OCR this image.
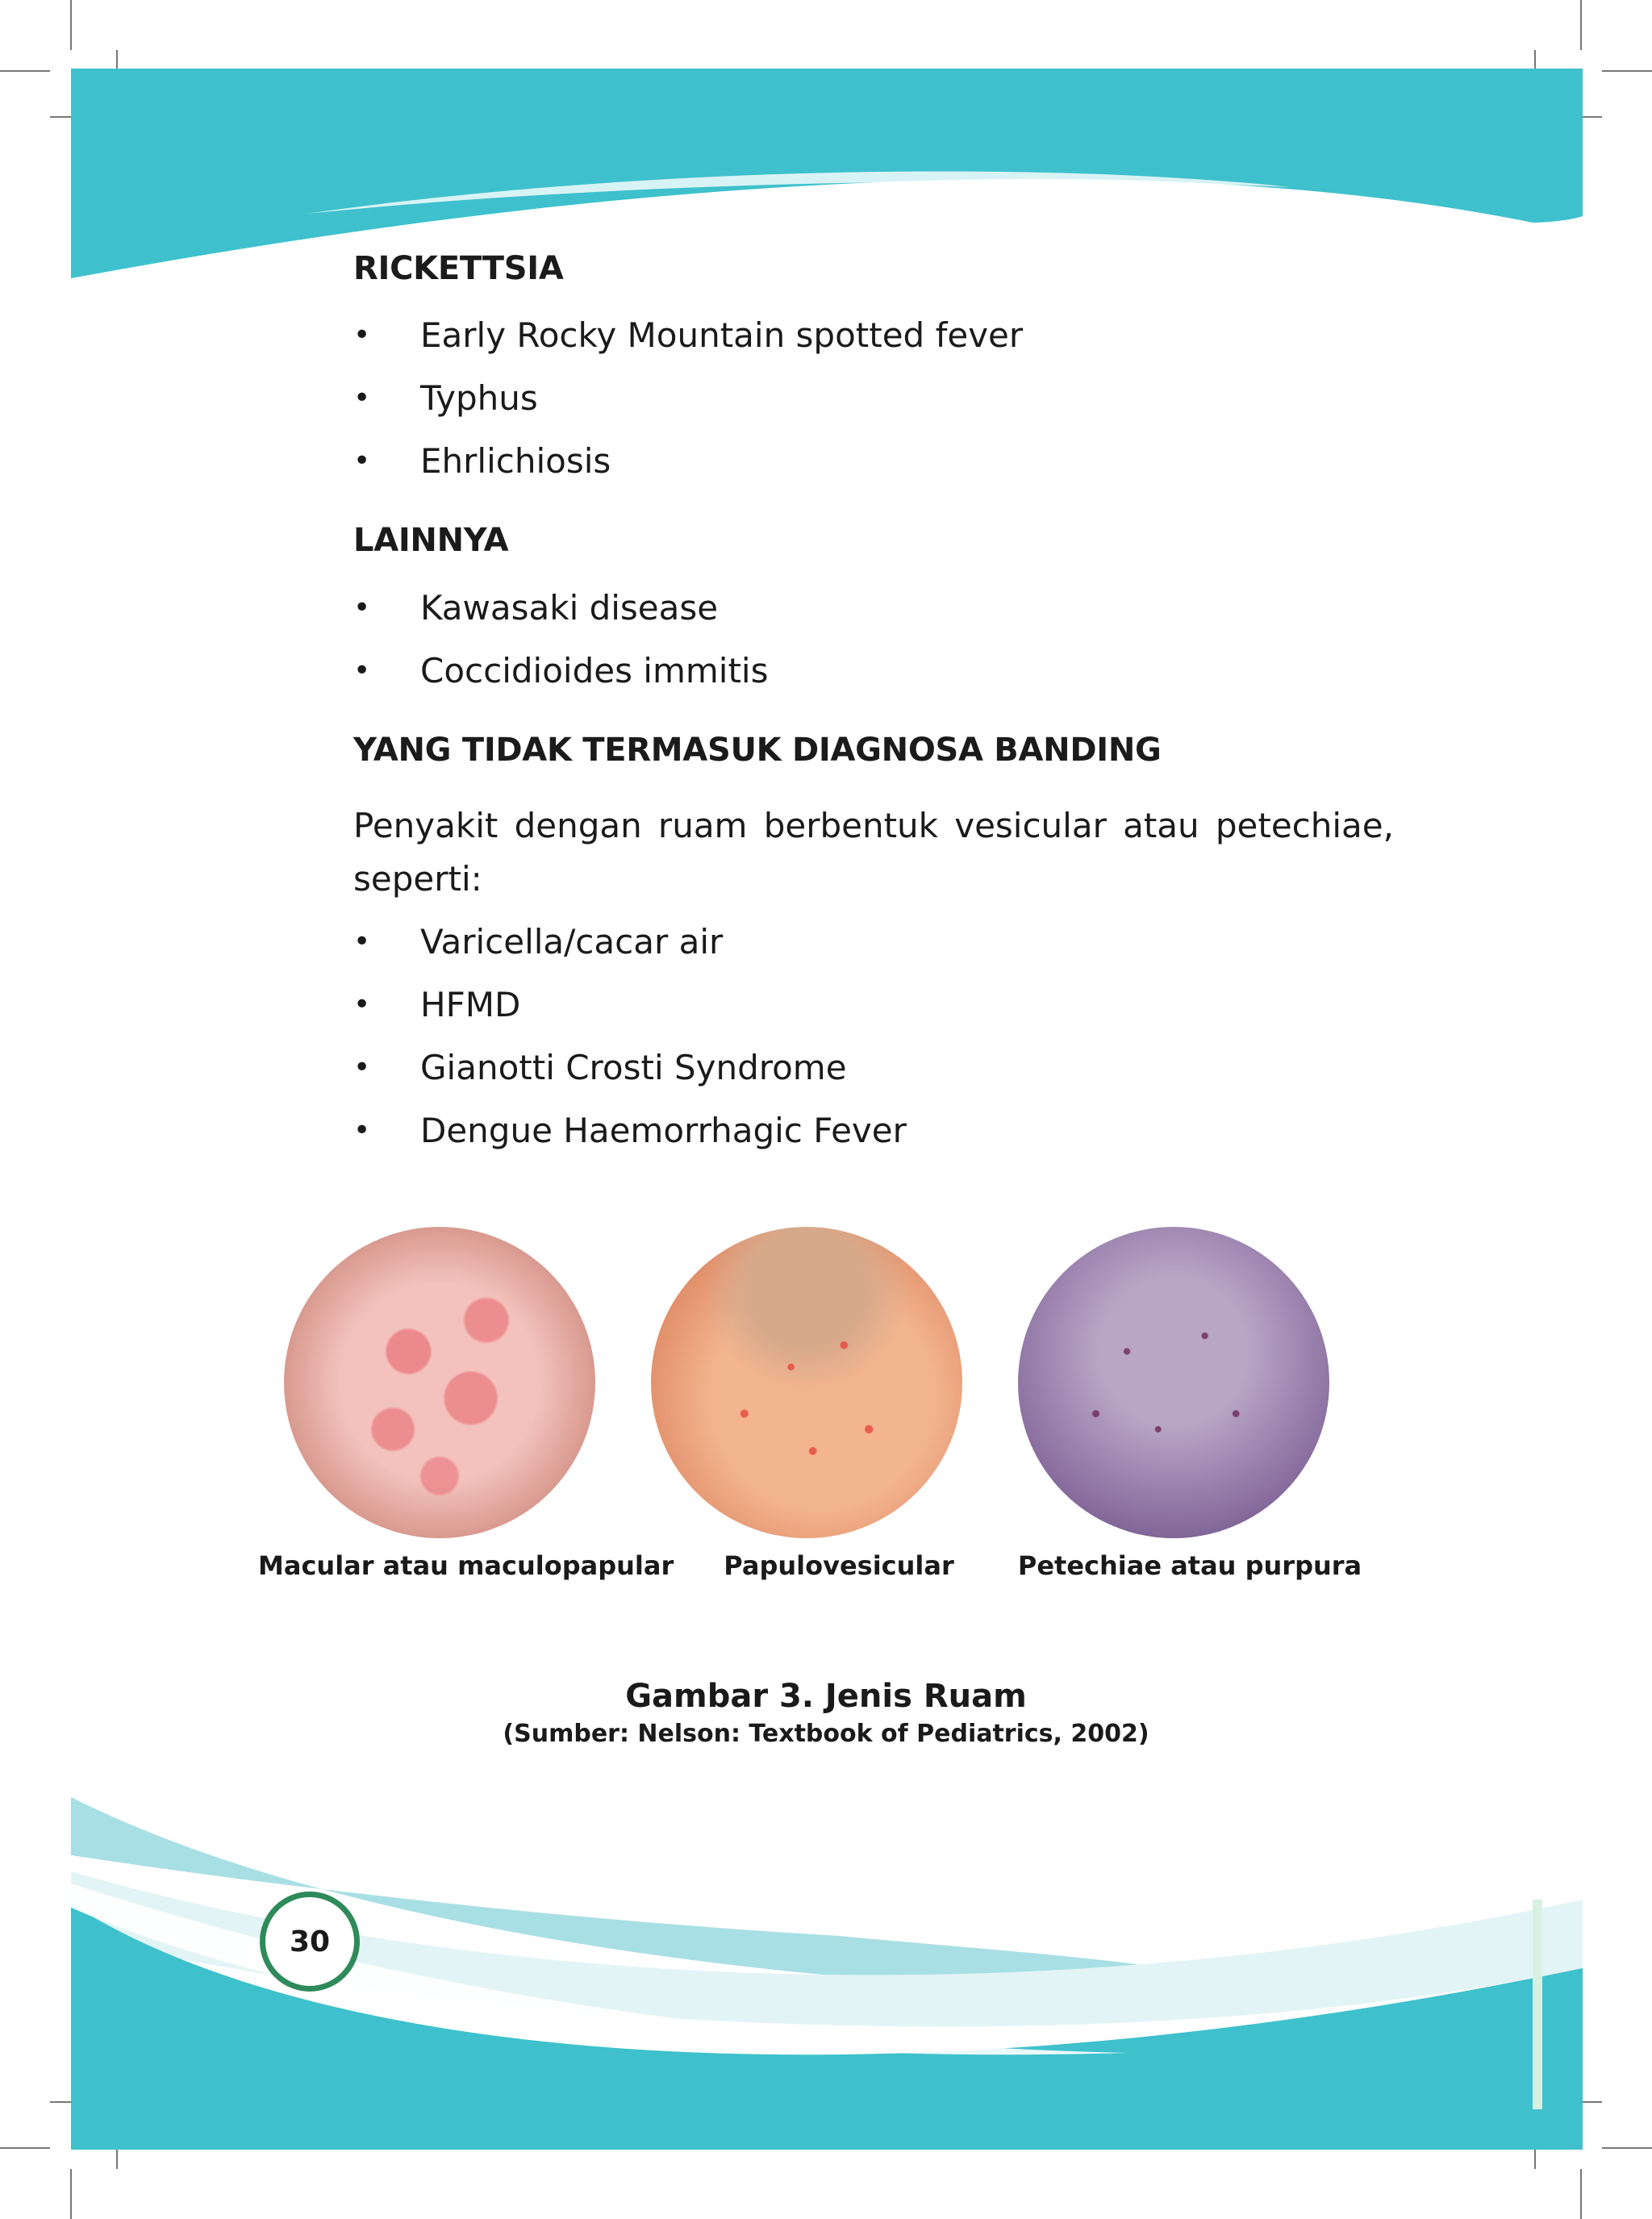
RICKETTSIA
• Early Rocky Mountain spotted fever
• Typhus
• Ehrlichiosis
LAINNYA
• Kawasaki disease
• Coccidioides immitis
YANG TIDAK TERMASUK DIAGNOSA BANDING

Penyakit dengan ruam berbentuk vesicular atau petechiae, seperti:

• Varicella/cacar air
• HFMD
• Gianotti Crosti Syndrome
• Dengue Haemorrhagic Fever

Macular atau maculopapular	Papulovesicular	Petechiae atau purpura

Gambar 3. Jenis Ruam

(Sumber: Nelson: Textbook of Pediatrics, 2002)

30
